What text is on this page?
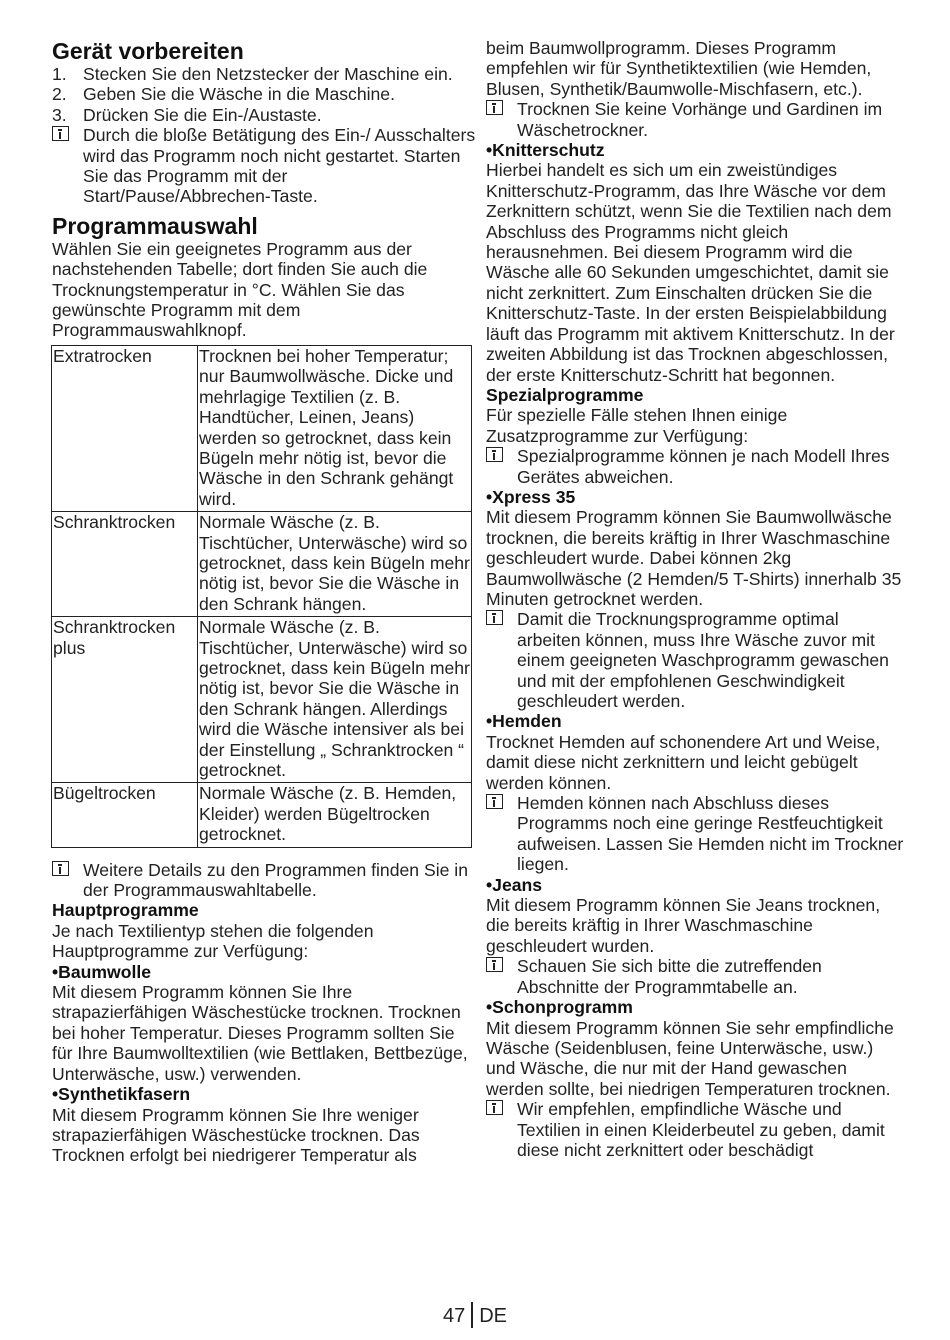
Gerät vorbereiten
1. Stecken Sie den Netzstecker der Maschine ein.
2. Geben Sie die Wäsche in die Maschine.
3. Drücken Sie die Ein-/Austaste.
Durch die bloße Betätigung des Ein-/ Ausschalters wird das Programm noch nicht gestartet. Starten Sie das Programm mit der Start/Pause/Abbrechen-Taste.
Programmauswahl

Wählen Sie ein geeignetes Programm aus der nachstehenden Tabelle; dort finden Sie auch die Trocknungstemperatur in °C. Wählen Sie das gewünschte Programm mit dem Programmauswahlknopf.

Extratrocken	Trocknen bei hoher Temperatur; nur Baumwollwäsche. Dicke und mehrlagige Textilien (z. B. Handtücher, Leinen, Jeans) werden so getrocknet, dass kein Bügeln mehr nötig ist, bevor die Wäsche in den Schrank gehängt wird.
Schranktrocken	Normale Wäsche (z. B. Tischtücher, Unterwäsche) wird so getrocknet, dass kein Bügeln mehr nötig ist, bevor Sie die Wäsche in den Schrank hängen.
Schranktrocken plus	Normale Wäsche (z. B. Tischtücher, Unterwäsche) wird so getrocknet, dass kein Bügeln mehr nötig ist, bevor Sie die Wäsche in den Schrank hängen. Allerdings wird die Wäsche intensiver als bei der Einstellung „ Schranktrocken “ getrocknet.
Bügeltrocken	Normale Wäsche (z. B. Hemden, Kleider) werden Bügeltrocken getrocknet.
Weitere Details zu den Programmen finden Sie in der Programmauswahltabelle.

Hauptprogramme

Je nach Textilientyp stehen die folgenden Hauptprogramme zur Verfügung:

•Baumwolle

Mit diesem Programm können Sie Ihre strapazierfähigen Wäschestücke trocknen. Trocknen bei hoher Temperatur. Dieses Programm sollten Sie für Ihre Baumwolltextilien (wie Bettlaken, Bettbezüge, Unterwäsche, usw.) verwenden.

•Synthetikfasern

Mit diesem Programm können Sie Ihre weniger strapazierfähigen Wäschestücke trocknen. Das Trocknen erfolgt bei niedrigerer Temperatur als

beim Baumwollprogramm. Dieses Programm empfehlen wir für Synthetiktextilien (wie Hemden, Blusen, Synthetik/Baumwolle-Mischfasern, etc.).

Trocknen Sie keine Vorhänge und Gardinen im Wäschetrockner.

•Knitterschutz

Hierbei handelt es sich um ein zweistündiges Knitterschutz-Programm, das Ihre Wäsche vor dem Zerknittern schützt, wenn Sie die Textilien nach dem Abschluss des Programms nicht gleich herausnehmen. Bei diesem Programm wird die Wäsche alle 60 Sekunden umgeschichtet, damit sie nicht zerknittert. Zum Einschalten drücken Sie die Knitterschutz-Taste. In der ersten Beispielabbildung läuft das Programm mit aktivem Knitterschutz. In der zweiten Abbildung ist das Trocknen abgeschlossen, der erste Knitterschutz-Schritt hat begonnen.

Spezialprogramme

Für spezielle Fälle stehen Ihnen einige Zusatzprogramme zur Verfügung:

Spezialprogramme können je nach Modell Ihres Gerätes abweichen.

•Xpress 35

Mit diesem Programm können Sie Baumwollwäsche trocknen, die bereits kräftig in Ihrer Waschmaschine geschleudert wurde. Dabei können 2kg Baumwollwäsche (2 Hemden/5 T-Shirts) innerhalb 35 Minuten getrocknet werden.

Damit die Trocknungsprogramme optimal arbeiten können, muss Ihre Wäsche zuvor mit einem geeigneten Waschprogramm gewaschen und mit der empfohlenen Geschwindigkeit geschleudert werden.

•Hemden

Trocknet Hemden auf schonendere Art und Weise, damit diese nicht zerknittern und leicht gebügelt werden können.

Hemden können nach Abschluss dieses Programms noch eine geringe Restfeuchtigkeit aufweisen. Lassen Sie Hemden nicht im Trockner liegen.

•Jeans

Mit diesem Programm können Sie Jeans trocknen, die bereits kräftig in Ihrer Waschmaschine geschleudert wurden.

Schauen Sie sich bitte die zutreffenden Abschnitte der Programmtabelle an.

•Schonprogramm

Mit diesem Programm können Sie sehr empfindliche Wäsche (Seidenblusen, feine Unterwäsche, usw.) und Wäsche, die nur mit der Hand gewaschen werden sollte, bei niedrigen Temperaturen trocknen.

Wir empfehlen, empfindliche Wäsche und Textilien in einen Kleiderbeutel zu geben, damit diese nicht zerknittert oder beschädigt
47 DE
